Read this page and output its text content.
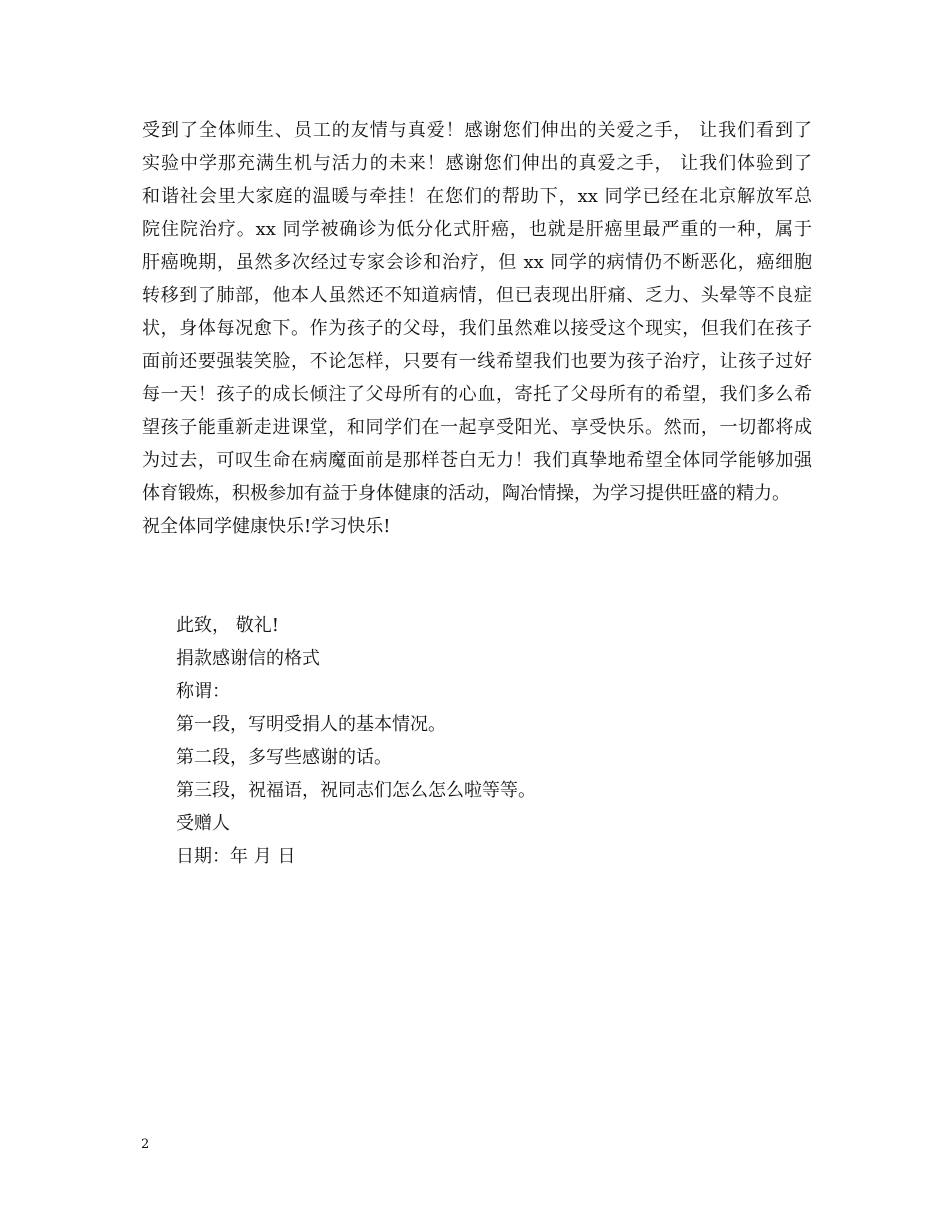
受到了全体师生、员工的友情与真爱！感谢您们伸出的关爱之手， 让我们看到了
实验中学那充满生机与活力的未来！感谢您们伸出的真爱之手， 让我们体验到了
和谐社会里大家庭的温暖与牵挂！在您们的帮助下，xx 同学已经在北京解放军总
院住院治疗。xx 同学被确诊为低分化式肝癌，也就是肝癌里最严重的一种，属于
肝癌晚期，虽然多次经过专家会诊和治疗，但 xx 同学的病情仍不断恶化，癌细胞
转移到了肺部，他本人虽然还不知道病情，但已表现出肝痛、乏力、头晕等不良症
状，身体每况愈下。作为孩子的父母，我们虽然难以接受这个现实，但我们在孩子
面前还要强装笑脸，不论怎样，只要有一线希望我们也要为孩子治疗，让孩子过好
每一天！孩子的成长倾注了父母所有的心血，寄托了父母所有的希望，我们多么希
望孩子能重新走进课堂，和同学们在一起享受阳光、享受快乐。然而，一切都将成
为过去，可叹生命在病魔面前是那样苍白无力！我们真挚地希望全体同学能够加强
体育锻炼，积极参加有益于身体健康的活动，陶冶情操，为学习提供旺盛的精力。
祝全体同学健康快乐!学习快乐!
此致， 敬礼!
捐款感谢信的格式
称谓：
第一段，写明受捐人的基本情况。
第二段，多写些感谢的话。
第三段，祝福语，祝同志们怎么怎么啦等等。
受赠人
日期：年 月 日
2
